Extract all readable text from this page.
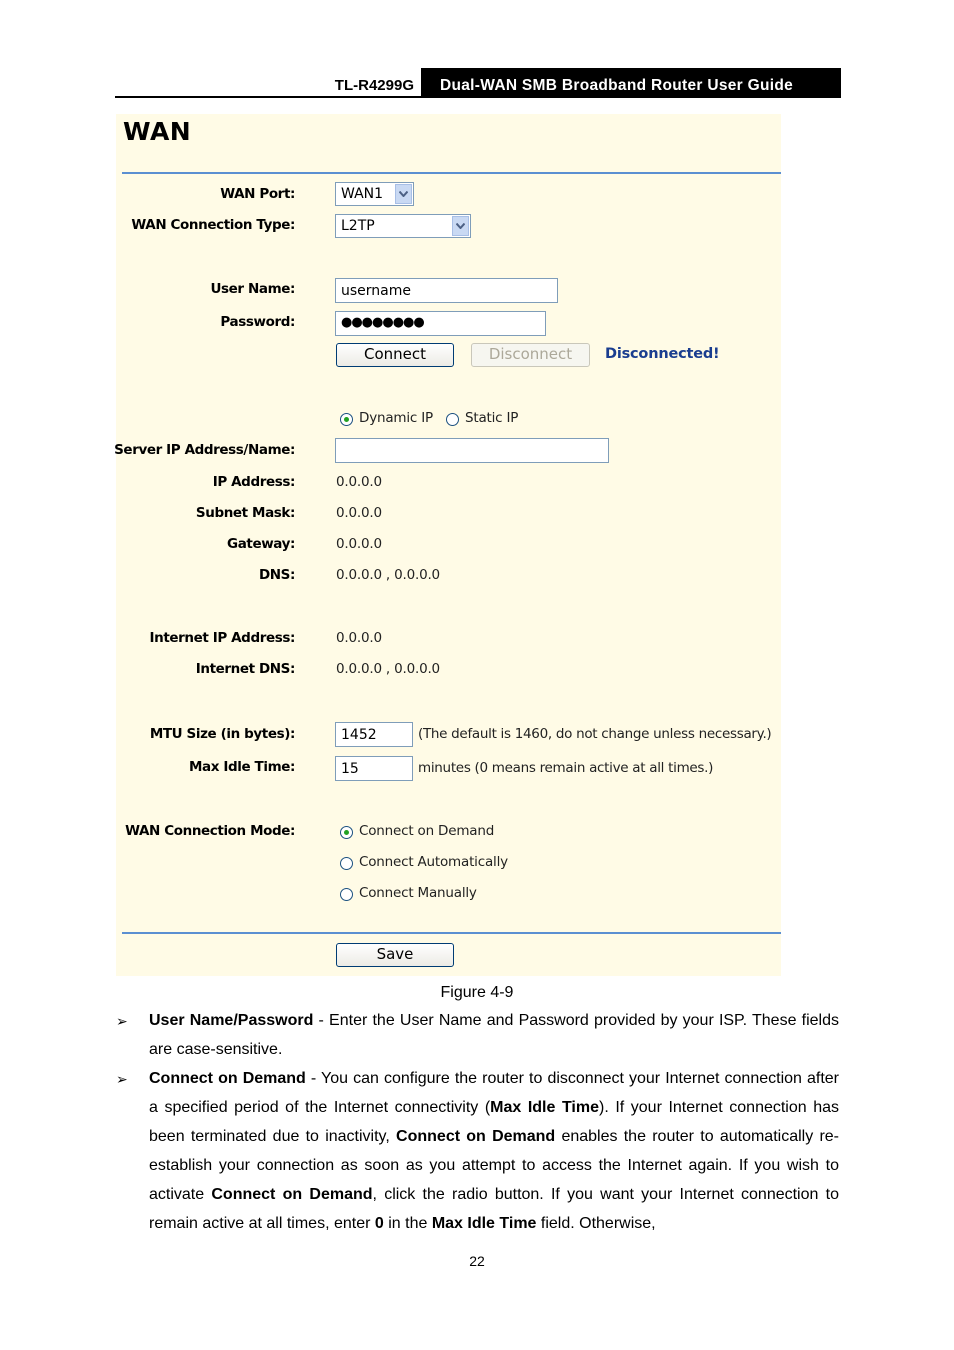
TL-R4299G Dual-WAN SMB Broadband Router User Guide
WAN
WAN Port:	WAN1
WAN Connection Type:	L2TP
User Name:	username
Password:	●●●●●●●●
Connect	Disconnect	Disconnected!
Dynamic IP Static IP
Server IP Address/Name:
IP Address:	0.0.0.0
Subnet Mask:	0.0.0.0
Gateway:	0.0.0.0
DNS:	0.0.0.0 , 0.0.0.0
Internet IP Address:	0.0.0.0
Internet DNS:	0.0.0.0 , 0.0.0.0
MTU Size (in bytes):	1452	(The default is 1460, do not change unless necessary.)
Max Idle Time:	15	minutes (0 means remain active at all times.)
WAN Connection Mode:	Connect on Demand
Connect Automatically
Connect Manually
Save
Figure 4-9
➢ User Name/Password - Enter the User Name and Password provided by your ISP. These fields are case-sensitive.

➢ Connect on Demand - You can configure the router to disconnect your Internet connection after a specified period of the Internet connectivity (Max Idle Time). If your Internet connection has been terminated due to inactivity, Connect on Demand enables the router to automatically re-establish your connection as soon as you attempt to access the Internet again. If you wish to activate Connect on Demand, click the radio button. If you want your Internet connection to remain active at all times, enter 0 in the Max Idle Time field. Otherwise,

22
